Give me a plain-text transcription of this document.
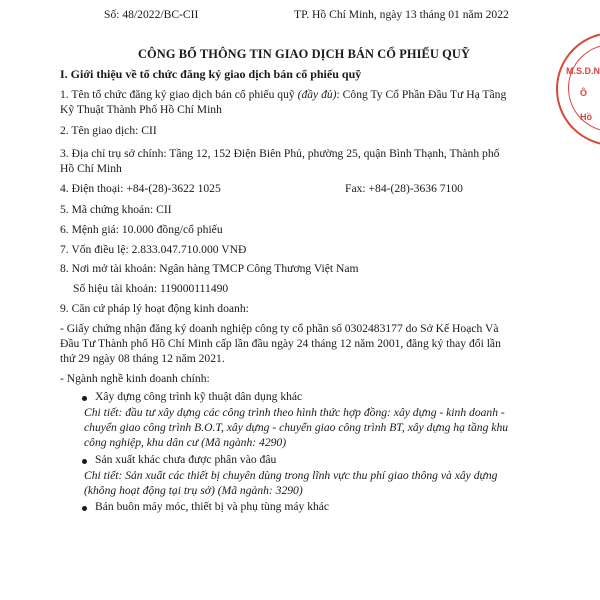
Số: 48/2022/BC-CII	TP. Hồ Chí Minh, ngày 13 tháng 01 năm 2022
CÔNG BỐ THÔNG TIN GIAO DỊCH BÁN CỔ PHIẾU QUỸ
I. Giới thiệu về tổ chức đăng ký giao dịch bán cổ phiếu quỹ
1. Tên tổ chức đăng ký giao dịch bán cổ phiếu quỹ (đầy đủ): Công Ty Cổ Phần Đầu Tư Hạ Tầng
Kỹ Thuật Thành Phố Hồ Chí Minh
2. Tên giao dịch: CII
3. Địa chỉ trụ sở chính: Tầng 12, 152 Điện Biên Phủ, phường 25, quận Bình Thạnh, Thành phố
Hồ Chí Minh
4. Điện thoại: +84-(28)-3622 1025	Fax: +84-(28)-3636 7100
5. Mã chứng khoán: CII
6. Mệnh giá: 10.000 đồng/cổ phiếu
7. Vốn điều lệ: 2.833.047.710.000 VNĐ
8. Nơi mở tài khoản: Ngân hàng TMCP Công Thương Việt Nam
Số hiệu tài khoản: 119000111490
9. Căn cứ pháp lý hoạt động kinh doanh:
- Giấy chứng nhận đăng ký doanh nghiệp công ty cổ phần số 0302483177 do Sở Kế Hoạch Và
Đầu Tư Thành phố Hồ Chí Minh cấp lần đầu ngày 24 tháng 12 năm 2001, đăng ký thay đổi lần
thứ 29 ngày 08 tháng 12 năm 2021.
- Ngành nghề kinh doanh chính:
Xây dựng công trình kỹ thuật dân dụng khác
Chi tiết: đầu tư xây dựng các công trình theo hình thức hợp đồng: xây dựng - kinh doanh -
chuyển giao công trình B.O.T, xây dựng - chuyển giao công trình BT, xây dựng hạ tầng khu
công nghiệp, khu dân cư (Mã ngành: 4290)
Sản xuất khác chưa được phân vào đâu
Chi tiết: Sản xuất các thiết bị chuyên dùng trong lĩnh vực thu phí giao thông và xây dựng
(không hoạt động tại trụ sở) (Mã ngành: 3290)
Bán buôn máy móc, thiết bị và phụ tùng máy khác
M.S.D.N
Ô
Hồ
